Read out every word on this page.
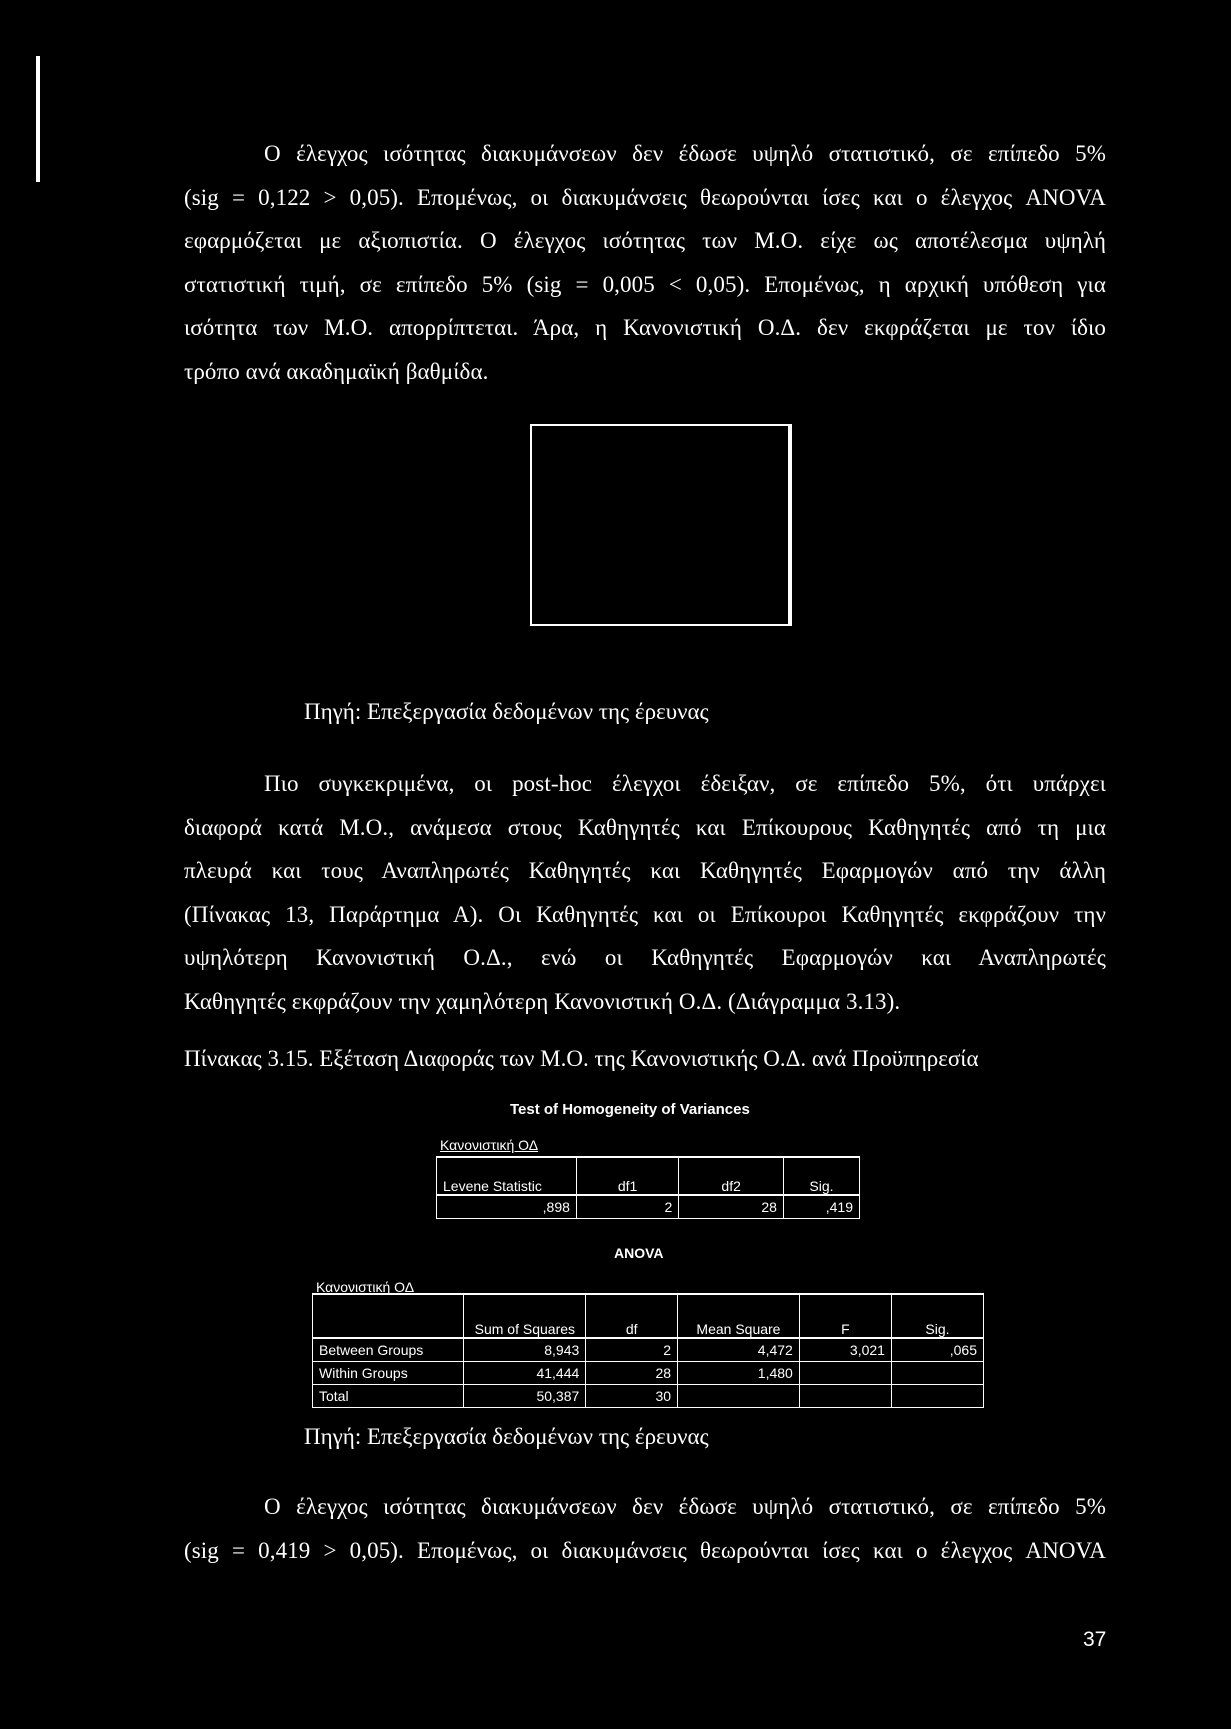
Ο έλεγχος ισότητας διακυμάνσεων δεν έδωσε υψηλό στατιστικό, σε επίπεδο 5%
(sig = 0,122 > 0,05). Επομένως, οι διακυμάνσεις θεωρούνται ίσες και ο έλεγχος ANOVA
εφαρμόζεται με αξιοπιστία. Ο έλεγχος ισότητας των Μ.Ο. είχε ως αποτέλεσμα υψηλή
στατιστική τιμή, σε επίπεδο 5% (sig = 0,005 < 0,05). Επομένως, η αρχική υπόθεση για
ισότητα των Μ.Ο. απορρίπτεται. Άρα, η Κανονιστική Ο.Δ. δεν εκφράζεται με τον ίδιο
τρόπο ανά ακαδημαϊκή βαθμίδα.

Πηγή: Επεξεργασία δεδομένων της έρευνας

Πιο συγκεκριμένα, οι post-hoc έλεγχοι έδειξαν, σε επίπεδο 5%, ότι υπάρχει
διαφορά κατά Μ.Ο., ανάμεσα στους Καθηγητές και Επίκουρους Καθηγητές από τη μια
πλευρά και τους Αναπληρωτές Καθηγητές και Καθηγητές Εφαρμογών από την άλλη
(Πίνακας 13, Παράρτημα Α). Οι Καθηγητές και οι Επίκουροι Καθηγητές εκφράζουν την
υψηλότερη Κανονιστική Ο.Δ., ενώ οι Καθηγητές Εφαρμογών και Αναπληρωτές
Καθηγητές εκφράζουν την χαμηλότερη Κανονιστική Ο.Δ. (Διάγραμμα 3.13).

Πίνακας 3.15. Εξέταση Διαφοράς των Μ.Ο. της Κανονιστικής Ο.Δ. ανά Προϋπηρεσία
Test of Homogeneity of Variances
Κανονιστική ΟΔ
Levene Statistic	df1	df2	Sig.
,898	2	28	,419
ANOVA
Κανονιστική ΟΔ
	Sum of Squares	df	Mean Square	F	Sig.
Between Groups	8,943	2	4,472	3,021	,065
Within Groups	41,444	28	1,480		
Total	50,387	30			
Πηγή: Επεξεργασία δεδομένων της έρευνας

Ο έλεγχος ισότητας διακυμάνσεων δεν έδωσε υψηλό στατιστικό, σε επίπεδο 5%
(sig = 0,419 > 0,05). Επομένως, οι διακυμάνσεις θεωρούνται ίσες και ο έλεγχος ANOVA

37
